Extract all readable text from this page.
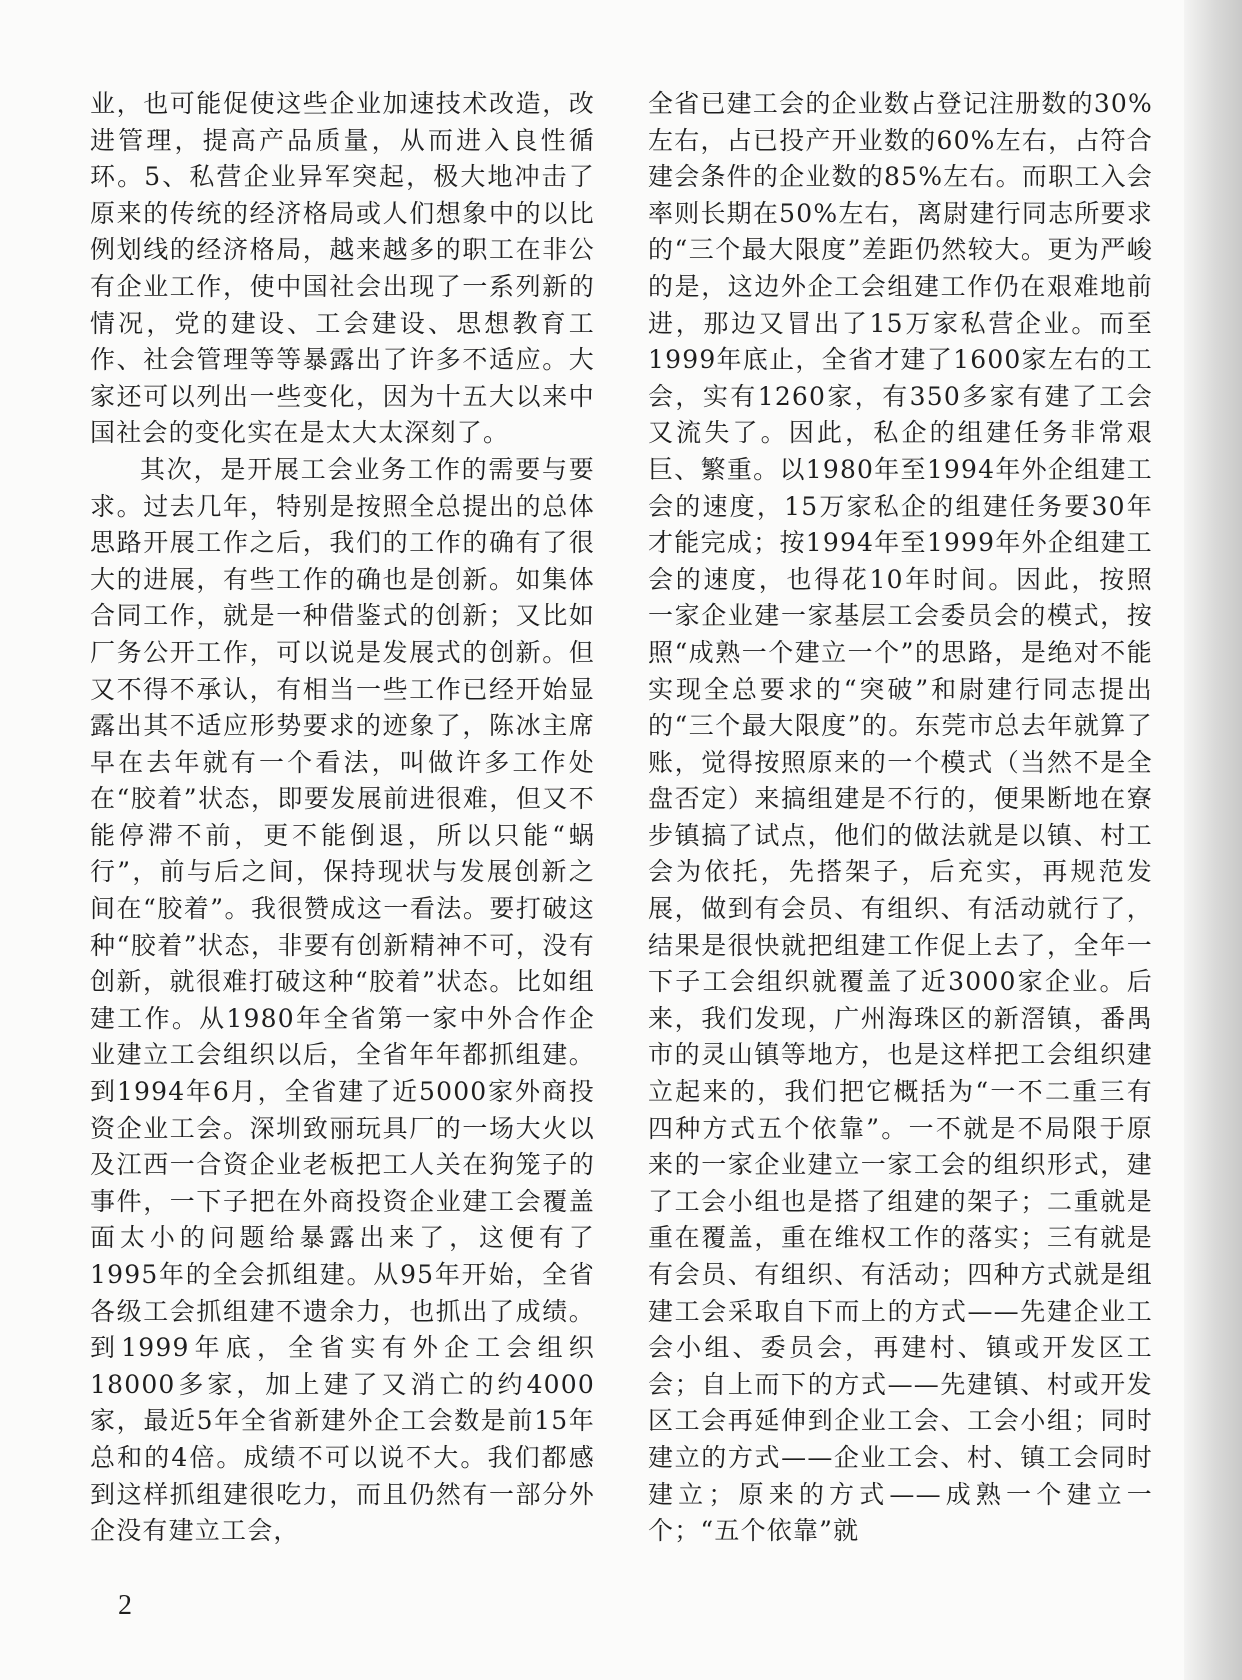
业，也可能促使这些企业加速技术改造，改进管理，提高产品质量，从而进入良性循环。5、私营企业异军突起，极大地冲击了原来的传统的经济格局或人们想象中的以比例划线的经济格局，越来越多的职工在非公有企业工作，使中国社会出现了一系列新的情况，党的建设、工会建设、思想教育工作、社会管理等等暴露出了许多不适应。大家还可以列出一些变化，因为十五大以来中国社会的变化实在是太大太深刻了。

其次，是开展工会业务工作的需要与要求。过去几年，特别是按照全总提出的总体思路开展工作之后，我们的工作的确有了很大的进展，有些工作的确也是创新。如集体合同工作，就是一种借鉴式的创新；又比如厂务公开工作，可以说是发展式的创新。但又不得不承认，有相当一些工作已经开始显露出其不适应形势要求的迹象了，陈冰主席早在去年就有一个看法，叫做许多工作处在“胶着”状态，即要发展前进很难，但又不能停滞不前，更不能倒退，所以只能“蜗行”，前与后之间，保持现状与发展创新之间在“胶着”。我很赞成这一看法。要打破这种“胶着”状态，非要有创新精神不可，没有创新，就很难打破这种“胶着”状态。比如组建工作。从1980年全省第一家中外合作企业建立工会组织以后，全省年年都抓组建。到1994年6月，全省建了近5000家外商投资企业工会。深圳致丽玩具厂的一场大火以及江西一合资企业老板把工人关在狗笼子的事件，一下子把在外商投资企业建工会覆盖面太小的问题给暴露出来了，这便有了1995年的全会抓组建。从95年开始，全省各级工会抓组建不遗余力，也抓出了成绩。到1999年底，全省实有外企工会组织18000多家，加上建了又消亡的约4000家，最近5年全省新建外企工会数是前15年总和的4倍。成绩不可以说不大。我们都感到这样抓组建很吃力，而且仍然有一部分外企没有建立工会，

全省已建工会的企业数占登记注册数的30%左右，占已投产开业数的60%左右，占符合建会条件的企业数的85%左右。而职工入会率则长期在50%左右，离尉建行同志所要求的“三个最大限度”差距仍然较大。更为严峻的是，这边外企工会组建工作仍在艰难地前进，那边又冒出了15万家私营企业。而至1999年底止，全省才建了1600家左右的工会，实有1260家，有350多家有建了工会又流失了。因此，私企的组建任务非常艰巨、繁重。以1980年至1994年外企组建工会的速度，15万家私企的组建任务要30年才能完成；按1994年至1999年外企组建工会的速度，也得花10年时间。因此，按照一家企业建一家基层工会委员会的模式，按照“成熟一个建立一个”的思路，是绝对不能实现全总要求的“突破”和尉建行同志提出的“三个最大限度”的。东莞市总去年就算了账，觉得按照原来的一个模式（当然不是全盘否定）来搞组建是不行的，便果断地在寮步镇搞了试点，他们的做法就是以镇、村工会为依托，先搭架子，后充实，再规范发展，做到有会员、有组织、有活动就行了，结果是很快就把组建工作促上去了，全年一下子工会组织就覆盖了近3000家企业。后来，我们发现，广州海珠区的新滘镇，番禺市的灵山镇等地方，也是这样把工会组织建立起来的，我们把它概括为“一不二重三有四种方式五个依靠”。一不就是不局限于原来的一家企业建立一家工会的组织形式，建了工会小组也是搭了组建的架子；二重就是重在覆盖，重在维权工作的落实；三有就是有会员、有组织、有活动；四种方式就是组建工会采取自下而上的方式——先建企业工会小组、委员会，再建村、镇或开发区工会；自上而下的方式——先建镇、村或开发区工会再延伸到企业工会、工会小组；同时建立的方式——企业工会、村、镇工会同时建立；原来的方式——成熟一个建立一个；“五个依靠”就

2
